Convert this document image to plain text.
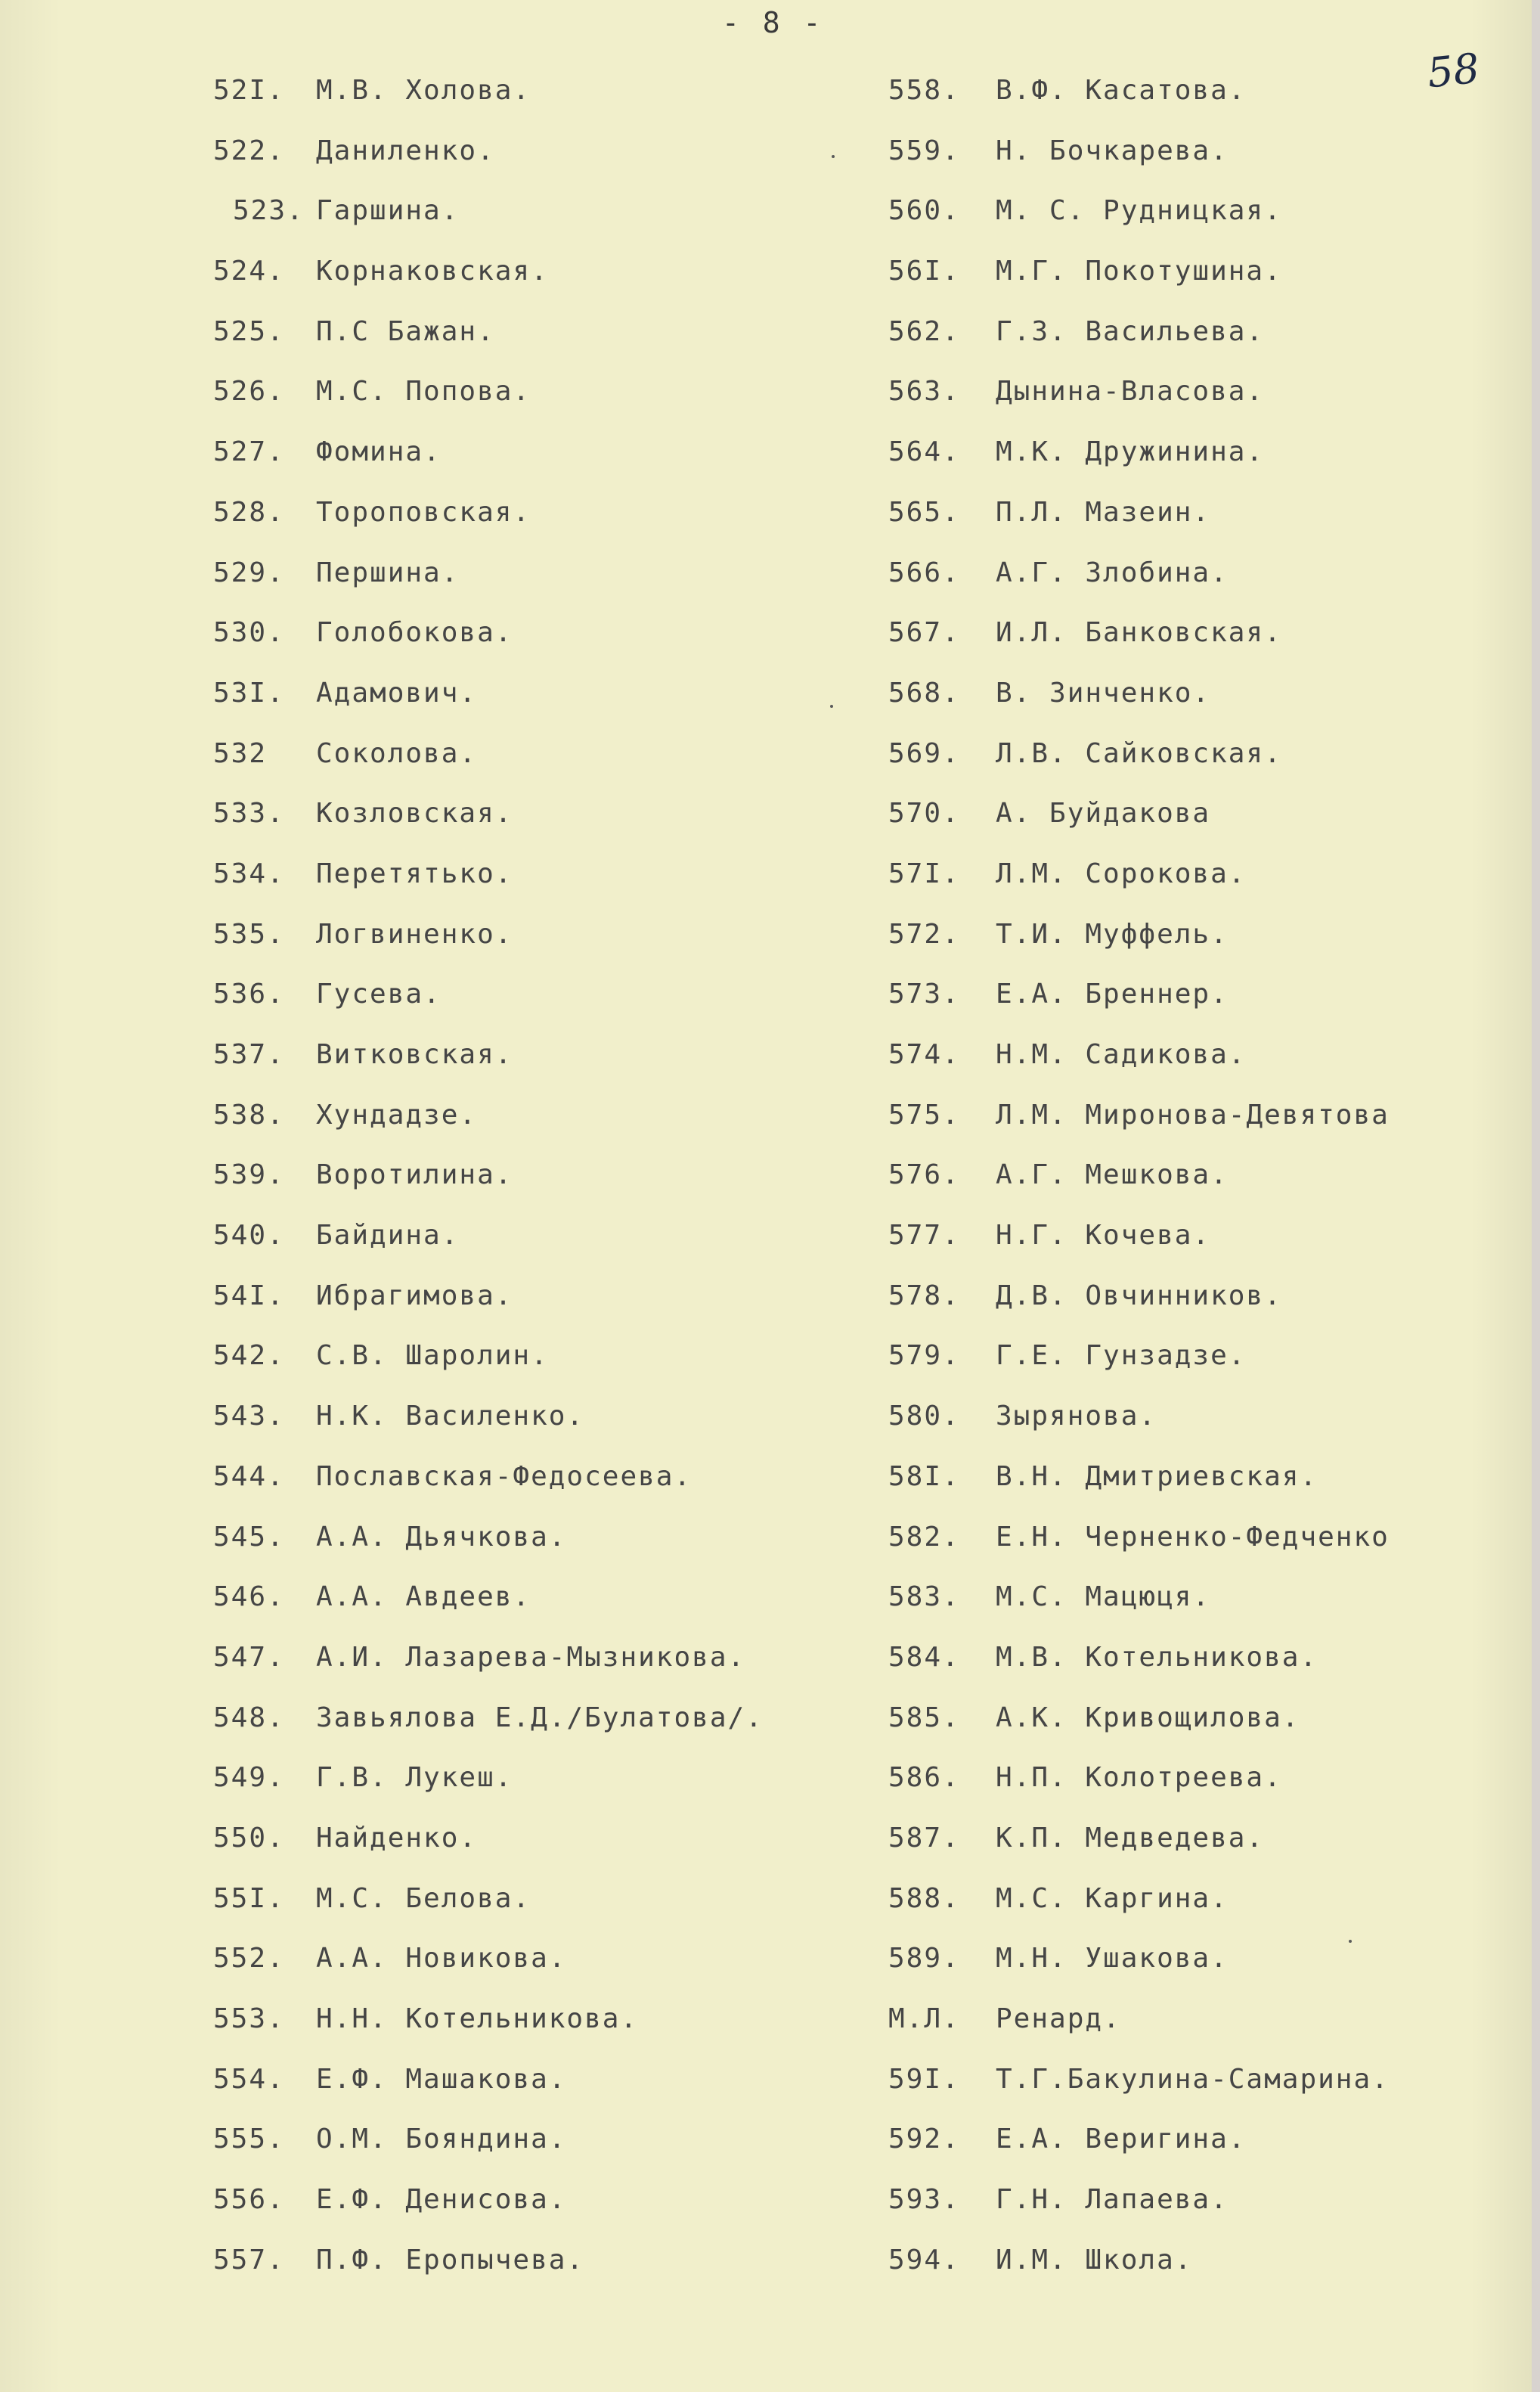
- 8 -
58
52I. М.В. Холова.
522. Даниленко.
523. Гаршина.
524. Корнаковская.
525. П.С Бажан.
526. М.С. Попова.
527. Фомина.
528. Тороповская.
529. Першина.
530. Голобокова.
53I. Адамович.
532 Соколова.
533. Козловская.
534. Перетятько.
535. Логвиненко.
536. Гусева.
537. Витковская.
538. Хундадзе.
539. Воротилина.
540. Байдина.
54I. Ибрагимова.
542. С.В. Шаролин.
543. Н.К. Василенко.
544. Пославская-Федосеева.
545. А.А. Дьячкова.
546. А.А. Авдеев.
547. А.И. Лазарева-Мызникова.
548. Завьялова Е.Д./Булатова/.
549. Г.В. Лукеш.
550. Найденко.
55I. М.С. Белова.
552. А.А. Новикова.
553. Н.Н. Котельникова.
554. Е.Ф. Машакова.
555. О.М. Бояндина.
556. Е.Ф. Денисова.
557. П.Ф. Еропычева.
558. В.Ф. Касатова.
559. Н. Бочкарева.
560. М. С. Рудницкая.
56I. М.Г. Покотушина.
562. Г.З. Васильева.
563. Дынина-Власова.
564. М.К. Дружинина.
565. П.Л. Мазеин.
566. А.Г. Злобина.
567. И.Л. Банковская.
568. В. Зинченко.
569. Л.В. Сайковская.
570. А. Буйдакова
57I. Л.М. Сорокова.
572. Т.И. Муффель.
573. Е.А. Бреннер.
574. Н.М. Садикова.
575. Л.М. Миронова-Девятова
576. А.Г. Мешкова.
577. Н.Г. Кочева.
578. Д.В. Овчинников.
579. Г.Е. Гунзадзе.
580. Зырянова.
58I. В.Н. Дмитриевская.
582. Е.Н. Черненко-Федченко
583. М.С. Мацюця.
584. М.В. Котельникова.
585. А.К. Кривощилова.
586. Н.П. Колотреева.
587. К.П. Медведева.
588. М.С. Каргина.
589. М.Н. Ушакова.
М.Л. Ренард.
59I. Т.Г.Бакулина-Самарина.
592. Е.А. Веригина.
593. Г.Н. Лапаева.
594. И.М. Школа.
